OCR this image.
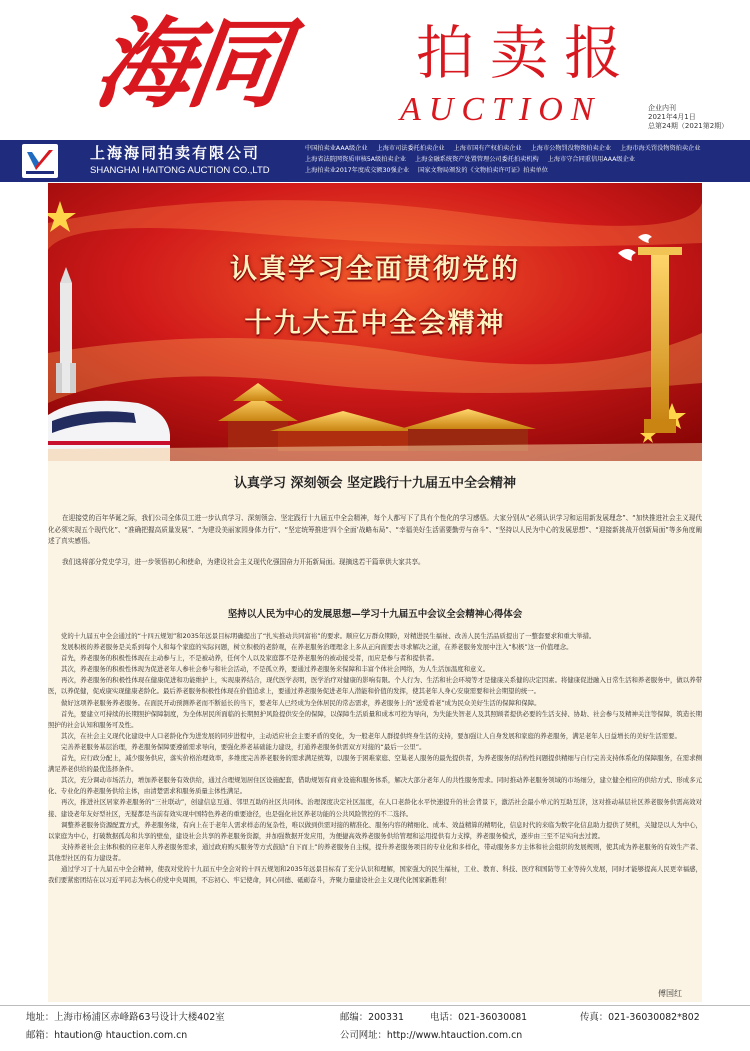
海同 拍卖报
AUCTION	企业内刊
2021年4月1日
总第24期（2021第2期）
上海海同拍卖有限公司
SHANGHAI HAITONG AUCTION CO.,LTD
中国拍卖业AAA级企业 上海市司法委托拍卖企业 上海市国有产权拍卖企业 上海市公物罚没物资拍卖企业 上海市海关罚没物资拍卖企业 上海省法院网资质审核5A级拍卖企业 上海金融系统资产处置管理公司委托拍卖机构 上海市守合同重信用AAA级企业 上海拍卖业2017年度成交额30强企业 国家文物局颁发的《文物拍卖许可证》拍卖单位
认真学习全面贯彻党的
十九大五中全会精神
认真学习 深刻领会 坚定践行十九届五中全会精神
在迎接党的百年华诞之际，我们公司全体员工进一步认真学习、深刻领会、坚定践行十九届五中全会精神，每个人都写下了具有个性化的学习感悟。大家分别从“必须认识学习和运用新发展理念”、“加快推进社会主义现代化必须实现五个现代化”、“准确把握高质量发展”、“为建设美丽家园身体力行”、“坚定统筹推进‘四个全面’战略布局”、“幸福美好生活需要勤劳与奋斗”、“坚持以人民为中心的发展思想”、“迎接新挑战开创新局面”等多角度阐述了真实感悟。
我们选将部分党史学习，进一步领悟初心和使命，为建设社会主义现代化强国奋力开拓新局面。现摘选若干篇章供大家共享。
坚持以人民为中心的发展思想—学习十九届五中会议全会精神心得体会

党的十九届五中全会通过的“十四五规划”和2035年远景目标明确提出了“扎实推动共同富裕”的要求。顺应亿万群众期盼，对精进民生福祉、改善人民生活品质提出了一整套要求和重大举措。

发展积极的养老服务是关系到每个人和每个家庭的实际问题，树立积极的老龄观，在养老服务治理理念上多从正向面要去寻求解决之道，在养老服务发展中注入“积极”这一价值理念。

首先，养老服务的积极性体现在主动参与上，不是被动养，任何个人以及家庭都不是养老服务的被动接受者，而应是参与者和提供者。

其次，养老服务的积极性体现为促进老年人参社会参与和社会活动，不是孤立养，要通过养老服务来保障和丰富个体社会网络，为人生活加温度和意义。

再次，养老服务的积极性体现在健康促进和功能维护上，实现康养结合，现代医学表明，医学治疗对健康的影响有限。个人行为、生活和社会环境等才是健康关系健的决定因素。将健康促进融入日常生活和养老服务中，做以养带医，以养促健，促成康实现健康老龄化。最后养老服务积极性体现在价值追求上，要通过养老服务促进老年人潜能和价值的发挥，使其老年人身心安康需要和社会期望的统一。

做好这项养老服务养老服务。在面民开动预测养老而不断延长的当下，要老年人已经成为全体居民的常态需求，养老服务上的“送爱看老”成为民众美好生活的保障和保障。

首先，要建立可持续的长期照护保障制度，为全体居民所面临的长期照护风险提供安全的保障，以保障生活质量和成本可控为导向，为失能失智老人及其照顾者提供必要的生活支持、协助、社会参与及精神关注等保障，筑造长期照护的社会认知和服务可及性。

其次，在社会主义现代化建设中人口老龄化作为进发展的同步进程中，主动适应社会主要矛盾的变化，为一般老年人群提供终身生活的支持，要加强让人自身发展和家庭的养老服务，满足老年人日益增长的美好生活需要。

完善养老服务基层治理，养老服务保障要遵循需求导向，要强化养老基础能力建设，打通养老服务供需双方对接的“最后一公里”。

首先，应行政分配上，减少服务供应，落实价格治理效率，多维度完善养老服务的需求满足统筹，以服务于困难家庭、空巢老人服务的最先提供者，为养老服务的结构性问题提供精细与自行完善支持体系化的保障服务，在需求侧满足养老供给的最优选择条件。

其次，充分调动市场活力，增加养老服务有效供给，通过合理规划居住区设施配套，借助规划有商业设施和服务体系，解决大部分老年人的共性服务需求。同时推动养老服务领域的市场细分，建立健全相应的供给方式、形成多元化、专业化的养老服务供给主体，由清楚需求和服务质量主体性满足。

再次，推进社区居家养老服务的“三社联动”，创建信息互通、邻里互助的社区共同体。治理深度决定社区温度，在人口老龄化水平快速提升的社会背景下，激活社会最小单元的互助互济，这对推动基层社区养老服务供需高效对接、建设老年友好型社区，无疑都是当前有效实现中国特色养老的重要途径，也是强化社区养老功能的公共风险管控的不二选择。

调整养老服务资源配置方式，养老服务缘，有向上在于老年人需求样态的复杂性，唯以做到供需对接的精准化、服务内容的精细化、成本、效益精算的精明化，信息时代的来临为数字化信息助力提供了契机，关键是以人为中心，以家庭为中心，打破数据孤岛和共享的壁垒，建设社会共享的养老服务资源，并加强数据开发应用，为便捷高效养老服务供给管理和运用提供有力支撑，养老服务模式，逐步由三至不足实向去过渡。

支持养老社会主体积极的应老年人养老服务需求，通过政府购买服务等方式鼓励“自下而上”的养老服务自主模，提升养老服务项目的专业化和多样化，带动服务多方主体和社会组织的发展规则，使其成为养老服务的有效生产者、其他型社区的有力建设者。

通过学习了十九届五中全会精神，使我对党的十九届五中全会对的十四五规划和2035年远景目标有了充分认识和理解，国家强大的民生福祉，工业、教育、科技、医疗和国防等工业等持久发展，同时才能够提高人民更幸福感，我们要紧密团结在以习近平同志为核心的党中央周围，不忘初心、牢记使命，同心同德、砥砺奋斗，齐聚力量建设社会主义现代化国家新胜利！

傅国红
地址：上海市杨浦区赤峰路63号设计大楼402室	邮编：200331	电话：021-36030081	传真：021-36030082*802
邮箱：htaution@ htauction.com.cn	公司网址：http://www.htauction.com.cn
